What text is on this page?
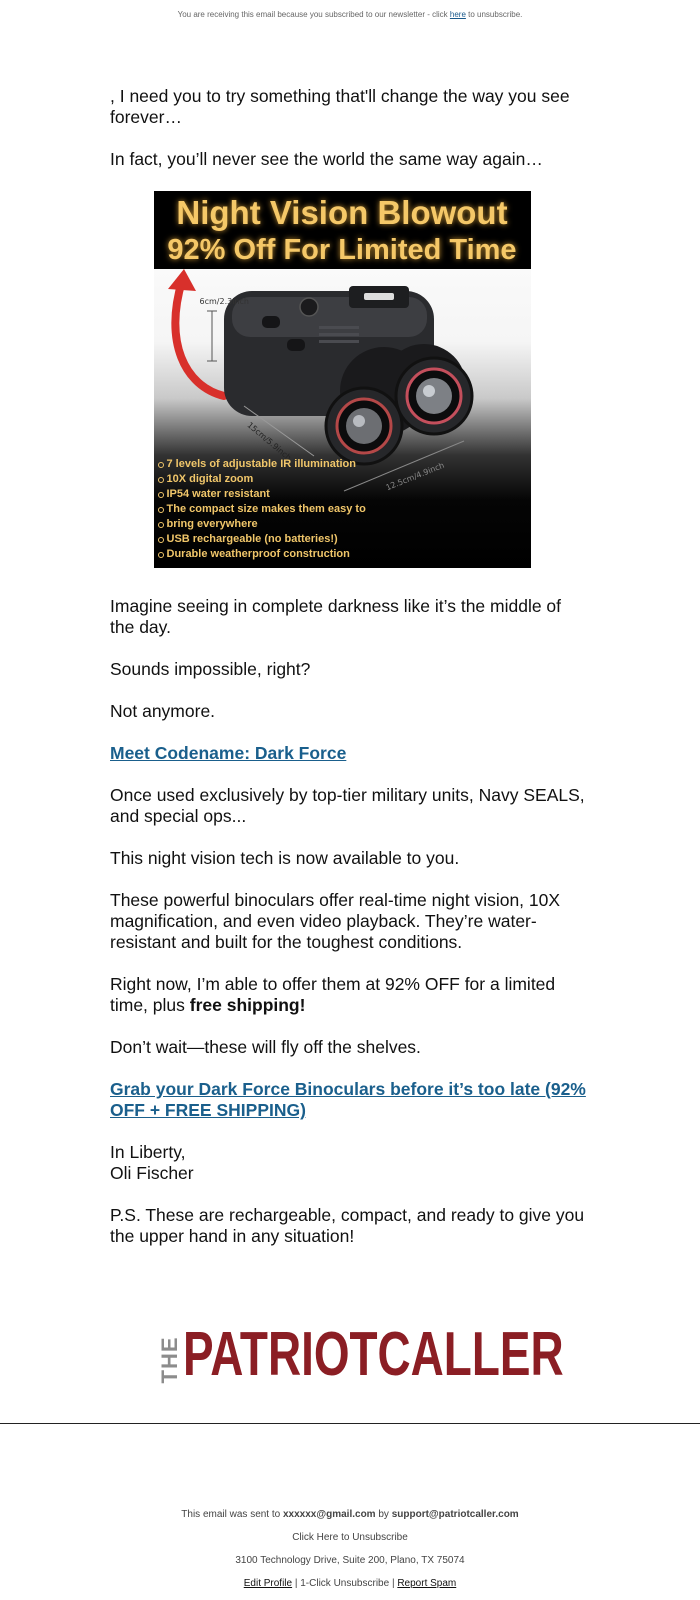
You are receiving this email because you subscribed to our newsletter - click here to unsubscribe.

, I need you to try something that'll change the way you see forever…

In fact, you’ll never see the world the same way again…

Night Vision Blowout
92% Off For Limited Time
6cm/2.3inch
15cm/5.9inch
12.5cm/4.9inch
7 levels of adjustable IR illumination
10X digital zoom
IP54 water resistant
The compact size makes them easy to
bring everywhere
USB rechargeable (no batteries!)
Durable weatherproof construction

Imagine seeing in complete darkness like it’s the middle of the day.

Sounds impossible, right?

Not anymore.

Meet Codename: Dark Force

Once used exclusively by top-tier military units, Navy SEALS, and special ops...

This night vision tech is now available to you.

These powerful binoculars offer real-time night vision, 10X magnification, and even video playback. They’re water-resistant and built for the toughest conditions.

Right now, I’m able to offer them at 92% OFF for a limited time, plus free shipping!

Don’t wait—these will fly off the shelves.

Grab your Dark Force Binoculars before it’s too late (92% OFF + FREE SHIPPING)

In Liberty,
Oli Fischer

P.S. These are rechargeable, compact, and ready to give you the upper hand in any situation!

THE PATRIOTCALLER
This email was sent to xxxxxx@gmail.com by support@patriotcaller.com
Click Here to Unsubscribe
3100 Technology Drive, Suite 200, Plano, TX 75074
Edit Profile | 1-Click Unsubscribe | Report Spam
